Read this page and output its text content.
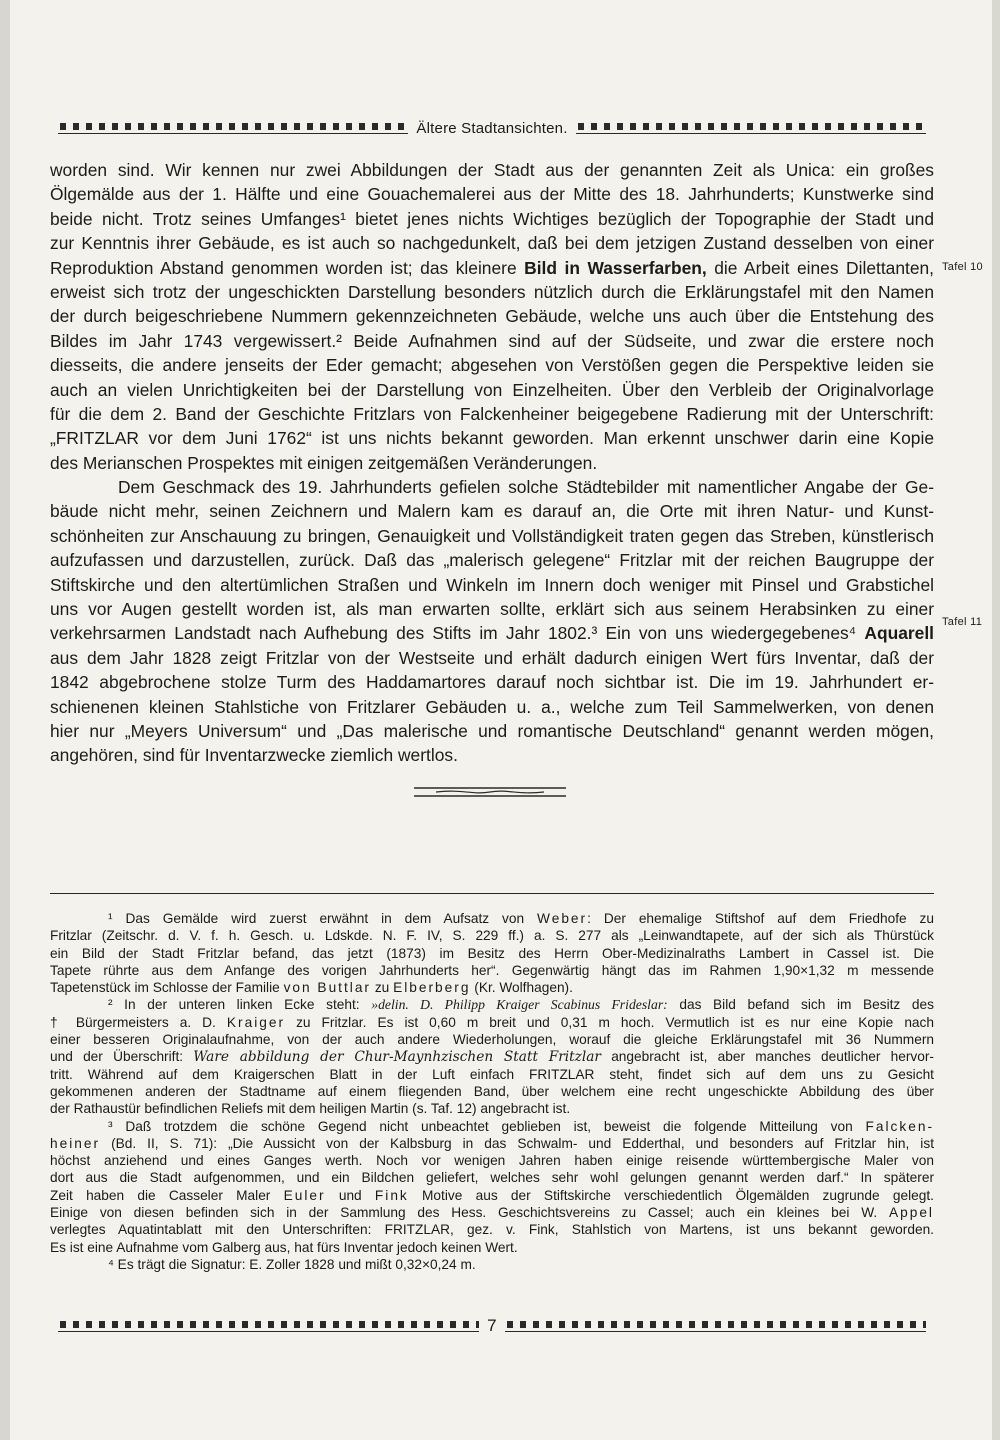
Ältere Stadtansichten.
worden sind. Wir kennen nur zwei Abbildungen der Stadt aus der genannten Zeit als Unica: ein großes
Ölgemälde aus der 1. Hälfte und eine Gouachemalerei aus der Mitte des 18. Jahrhunderts; Kunstwerke sind
beide nicht. Trotz seines Umfanges¹ bietet jenes nichts Wichtiges bezüglich der Topographie der Stadt und
zur Kenntnis ihrer Gebäude, es ist auch so nachgedunkelt, daß bei dem jetzigen Zustand desselben von einer
Reproduktion Abstand genommen worden ist; das kleinere Bild in Wasserfarben, die Arbeit eines Dilettanten,
erweist sich trotz der ungeschickten Darstellung besonders nützlich durch die Erklärungstafel mit den Namen
der durch beigeschriebene Nummern gekennzeichneten Gebäude, welche uns auch über die Entstehung des
Bildes im Jahr 1743 vergewissert.² Beide Aufnahmen sind auf der Südseite, und zwar die erstere noch
diesseits, die andere jenseits der Eder gemacht; abgesehen von Verstößen gegen die Perspektive leiden sie
auch an vielen Unrichtigkeiten bei der Darstellung von Einzelheiten. Über den Verbleib der Originalvorlage
für die dem 2. Band der Geschichte Fritzlars von Falckenheiner beigegebene Radierung mit der Unterschrift:
„FRITZLAR vor dem Juni 1762“ ist uns nichts bekannt geworden. Man erkennt unschwer darin eine Kopie
des Merianschen Prospektes mit einigen zeitgemäßen Veränderungen.
Dem Geschmack des 19. Jahrhunderts gefielen solche Städtebilder mit namentlicher Angabe der Ge-
bäude nicht mehr, seinen Zeichnern und Malern kam es darauf an, die Orte mit ihren Natur- und Kunst-
schönheiten zur Anschauung zu bringen, Genauigkeit und Vollständigkeit traten gegen das Streben, künstlerisch
aufzufassen und darzustellen, zurück. Daß das „malerisch gelegene“ Fritzlar mit der reichen Baugruppe der
Stiftskirche und den altertümlichen Straßen und Winkeln im Innern doch weniger mit Pinsel und Grabstichel
uns vor Augen gestellt worden ist, als man erwarten sollte, erklärt sich aus seinem Herabsinken zu einer
verkehrsarmen Landstadt nach Aufhebung des Stifts im Jahr 1802.³ Ein von uns wiedergegebenes⁴ Aquarell
aus dem Jahr 1828 zeigt Fritzlar von der Westseite und erhält dadurch einigen Wert fürs Inventar, daß der
1842 abgebrochene stolze Turm des Haddamartores darauf noch sichtbar ist. Die im 19. Jahrhundert er-
schienenen kleinen Stahlstiche von Fritzlarer Gebäuden u. a., welche zum Teil Sammelwerken, von denen
hier nur „Meyers Universum“ und „Das malerische und romantische Deutschland“ genannt werden mögen,
angehören, sind für Inventarzwecke ziemlich wertlos.
Tafel 10
Tafel 11
¹ Das Gemälde wird zuerst erwähnt in dem Aufsatz von Weber: Der ehemalige Stiftshof auf dem Friedhofe zu
Fritzlar (Zeitschr. d. V. f. h. Gesch. u. Ldskde. N. F. IV, S. 229 ff.) a. S. 277 als „Leinwandtapete, auf der sich als Thürstück
ein Bild der Stadt Fritzlar befand, das jetzt (1873) im Besitz des Herrn Ober-Medizinalraths Lambert in Cassel ist. Die
Tapete rührte aus dem Anfange des vorigen Jahrhunderts her“. Gegenwärtig hängt das im Rahmen 1,90×1,32 m messende
Tapetenstück im Schlosse der Familie von Buttlar zu Elberberg (Kr. Wolfhagen).
² In der unteren linken Ecke steht: »delin. D. Philipp Kraiger Scabinus Frideslar: das Bild befand sich im Besitz des
† Bürgermeisters a. D. Kraiger zu Fritzlar. Es ist 0,60 m breit und 0,31 m hoch. Vermutlich ist es nur eine Kopie nach
einer besseren Originalaufnahme, von der auch andere Wiederholungen, worauf die gleiche Erklärungstafel mit 36 Nummern
und der Überschrift: Ware abbildung der Chur-Maynhzischen Statt Fritzlar angebracht ist, aber manches deutlicher hervor-
tritt. Während auf dem Kraigerschen Blatt in der Luft einfach FRITZLAR steht, findet sich auf dem uns zu Gesicht
gekommenen anderen der Stadtname auf einem fliegenden Band, über welchem eine recht ungeschickte Abbildung des über
der Rathaustür befindlichen Reliefs mit dem heiligen Martin (s. Taf. 12) angebracht ist.
³ Daß trotzdem die schöne Gegend nicht unbeachtet geblieben ist, beweist die folgende Mitteilung von Falcken-
heiner (Bd. II, S. 71): „Die Aussicht von der Kalbsburg in das Schwalm- und Edderthal, und besonders auf Fritzlar hin, ist
höchst anziehend und eines Ganges werth. Noch vor wenigen Jahren haben einige reisende württembergische Maler von
dort aus die Stadt aufgenommen, und ein Bildchen geliefert, welches sehr wohl gelungen genannt werden darf.“ In späterer
Zeit haben die Casseler Maler Euler und Fink Motive aus der Stiftskirche verschiedentlich Ölgemälden zugrunde gelegt.
Einige von diesen befinden sich in der Sammlung des Hess. Geschichtsvereins zu Cassel; auch ein kleines bei W. Appel
verlegtes Aquatintablatt mit den Unterschriften: FRITZLAR, gez. v. Fink, Stahlstich von Martens, ist uns bekannt geworden.
Es ist eine Aufnahme vom Galberg aus, hat fürs Inventar jedoch keinen Wert.
⁴ Es trägt die Signatur: E. Zoller 1828 und mißt 0,32×0,24 m.
7
